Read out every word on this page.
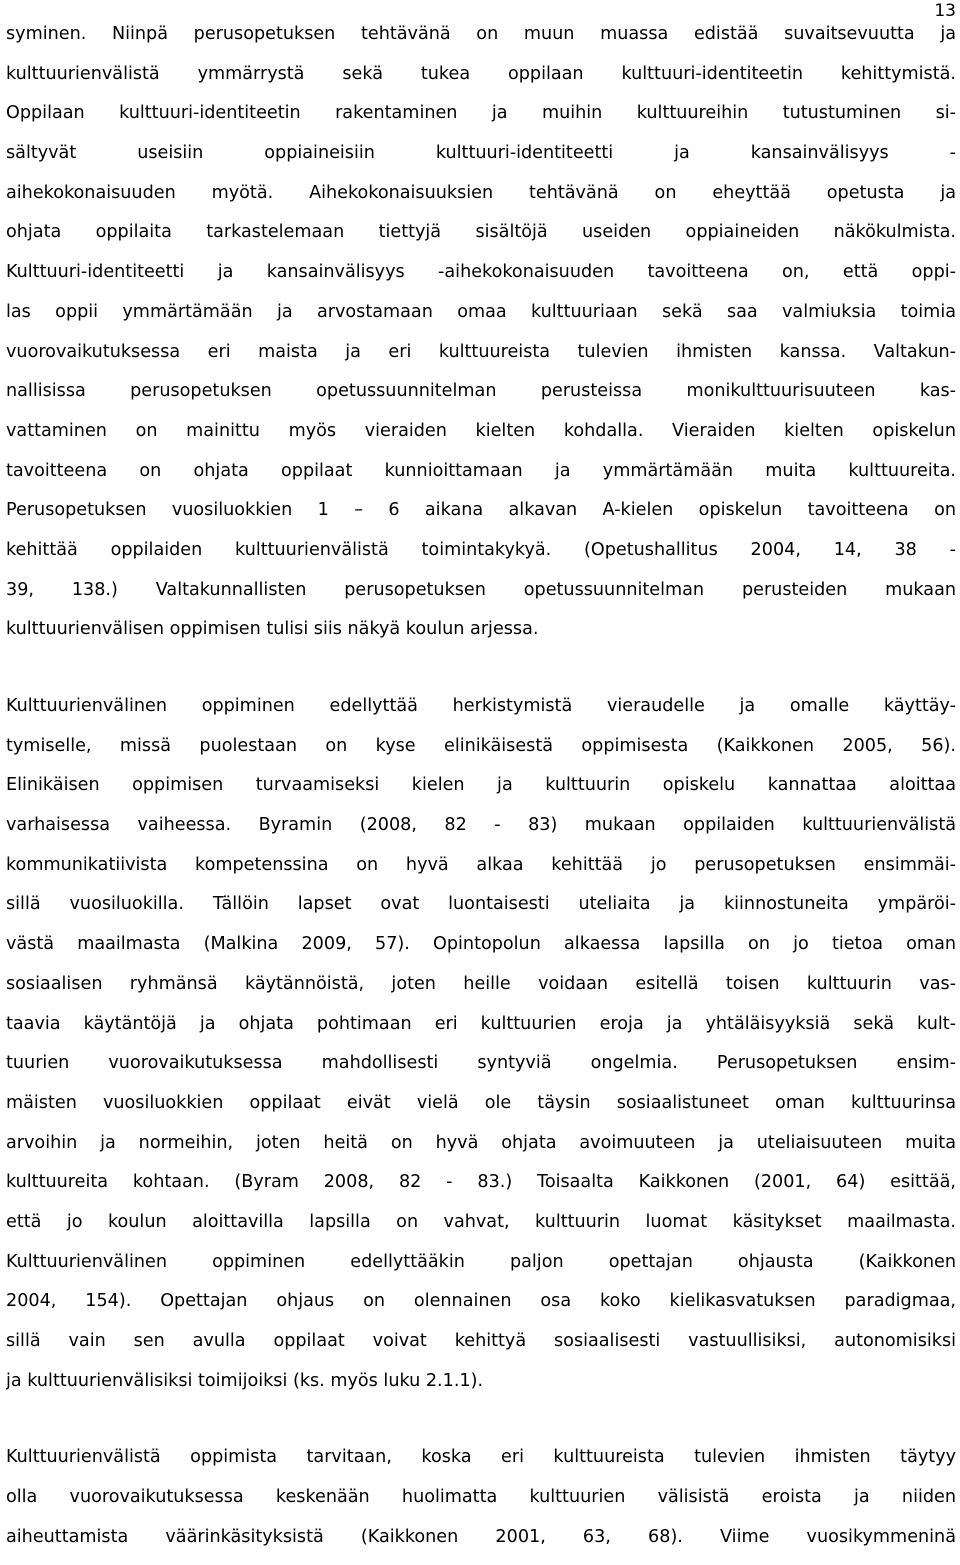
13
syminen. Niinpä perusopetuksen tehtävänä on muun muassa edistää suvaitsevuutta ja
kulttuurienvälistä ymmärrystä sekä tukea oppilaan kulttuuri-identiteetin kehittymistä.
Oppilaan kulttuuri-identiteetin rakentaminen ja muihin kulttuureihin tutustuminen si-
sältyvät useisiin oppiaineisiin kulttuuri-identiteetti ja kansainvälisyys -
aihekokonaisuuden myötä. Aihekokonaisuuksien tehtävänä on eheyttää opetusta ja
ohjata oppilaita tarkastelemaan tiettyjä sisältöjä useiden oppiaineiden näkökulmista.
Kulttuuri-identiteetti ja kansainvälisyys -aihekokonaisuuden tavoitteena on, että oppi-
las oppii ymmärtämään ja arvostamaan omaa kulttuuriaan sekä saa valmiuksia toimia
vuorovaikutuksessa eri maista ja eri kulttuureista tulevien ihmisten kanssa. Valtakun-
nallisissa perusopetuksen opetussuunnitelman perusteissa monikulttuurisuuteen kas-
vattaminen on mainittu myös vieraiden kielten kohdalla. Vieraiden kielten opiskelun
tavoitteena on ohjata oppilaat kunnioittamaan ja ymmärtämään muita kulttuureita.
Perusopetuksen vuosiluokkien 1 – 6 aikana alkavan A-kielen opiskelun tavoitteena on
kehittää oppilaiden kulttuurienvälistä toimintakykyä. (Opetushallitus 2004, 14, 38 -
39, 138.) Valtakunnallisten perusopetuksen opetussuunnitelman perusteiden mukaan
kulttuurienvälisen oppimisen tulisi siis näkyä koulun arjessa.
Kulttuurienvälinen oppiminen edellyttää herkistymistä vieraudelle ja omalle käyttäy-
tymiselle, missä puolestaan on kyse elinikäisestä oppimisesta (Kaikkonen 2005, 56).
Elinikäisen oppimisen turvaamiseksi kielen ja kulttuurin opiskelu kannattaa aloittaa
varhaisessa vaiheessa. Byramin (2008, 82 - 83) mukaan oppilaiden kulttuurienvälistä
kommunikatiivista kompetenssina on hyvä alkaa kehittää jo perusopetuksen ensimmäi-
sillä vuosiluokilla. Tällöin lapset ovat luontaisesti uteliaita ja kiinnostuneita ympäröi-
västä maailmasta (Malkina 2009, 57). Opintopolun alkaessa lapsilla on jo tietoa oman
sosiaalisen ryhmänsä käytännöistä, joten heille voidaan esitellä toisen kulttuurin vas-
taavia käytäntöjä ja ohjata pohtimaan eri kulttuurien eroja ja yhtäläisyyksiä sekä kult-
tuurien vuorovaikutuksessa mahdollisesti syntyviä ongelmia. Perusopetuksen ensim-
mäisten vuosiluokkien oppilaat eivät vielä ole täysin sosiaalistuneet oman kulttuurinsa
arvoihin ja normeihin, joten heitä on hyvä ohjata avoimuuteen ja uteliaisuuteen muita
kulttuureita kohtaan. (Byram 2008, 82 - 83.) Toisaalta Kaikkonen (2001, 64) esittää,
että jo koulun aloittavilla lapsilla on vahvat, kulttuurin luomat käsitykset maailmasta.
Kulttuurienvälinen oppiminen edellyttääkin paljon opettajan ohjausta (Kaikkonen
2004, 154). Opettajan ohjaus on olennainen osa koko kielikasvatuksen paradigmaa,
sillä vain sen avulla oppilaat voivat kehittyä sosiaalisesti vastuullisiksi, autonomisiksi
ja kulttuurienvälisiksi toimijoiksi (ks. myös luku 2.1.1).
Kulttuurienvälistä oppimista tarvitaan, koska eri kulttuureista tulevien ihmisten täytyy
olla vuorovaikutuksessa keskenään huolimatta kulttuurien välisistä eroista ja niiden
aiheuttamista väärinkäsityksistä (Kaikkonen 2001, 63, 68). Viime vuosikymmeninä
